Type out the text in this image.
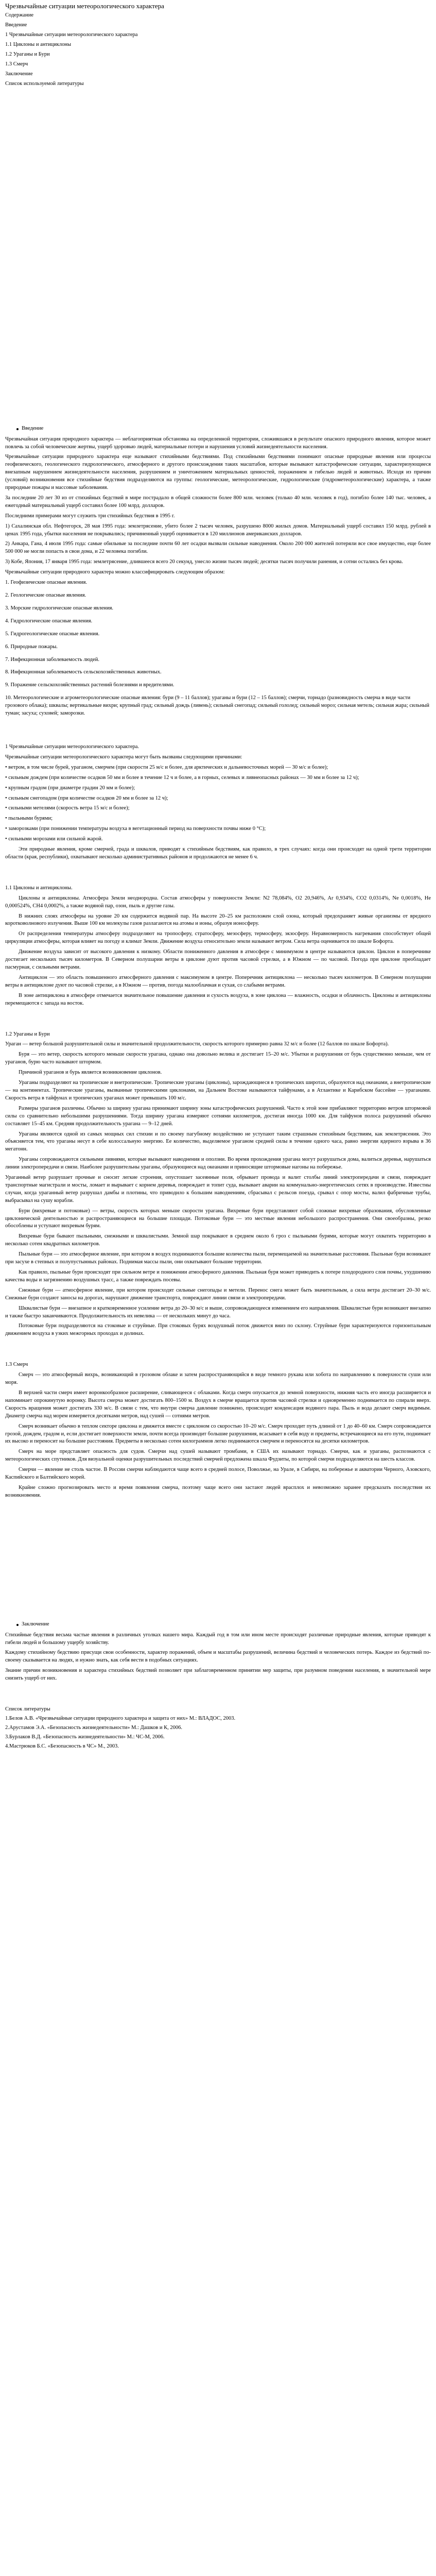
Чрезвычайные ситуации метеорологического характера
Содержание
Введение
1 Чрезвычайные ситуации метеорологического характера
1.1 Циклоны и антициклоны
1.2 Ураганы и Бури
1.3 Смерч
Заключение
Список используемой литературы
Введение

Чрезвычайная ситуация природного характера — неблагоприятная обстановка на определенной территории, сложившаяся в результате опасного природного явления, которое может повлечь за собой человеческие жертвы, ущерб здоровью людей, материальные потери и нарушения условий жизнедеятельности населения.

Чрезвычайные ситуации природного характера еще называют стихийными бедствиями. Под стихийными бедствиями понимают опасные природные явления или процессы геофизического, геологического гидрологического, атмосферного и другого происхождения таких масштабов, которые вызывают катастрофические ситуации, характеризующиеся внезапным нарушением жизнедеятельности населения, разрушением и уничтожением материальных ценностей, поражением и гибелью людей и животных. Исходя из причин (условий) возникновения все стихийные бедствия подразделяются на группы: геологические, метеорологические, гидрологические (гидрометеорологические) характера, а также природные пожары и массовые заболевания.

За последние 20 лет 30 из от стихийных бедствий в мире пострадало в общей сложности более 800 млн. человек (только 40 млн. человек в год), погибло более 140 тыс. человек, а ежегодный материальный ущерб составил более 100 млрд. долларов.

Последними примерами могут служить три стихийных бедствия в 1995 г.

1) Сахалинская обл. Нефтегорск, 28 мая 1995 года: землетрясение, убито более 2 тысяч человек, разрушено 8000 жилых домов. Материальный ущерб составил 150 млрд. рублей в ценах 1995 года, убытки населения не покрывались; причиненный ущерб оценивается в 120 миллионов американских долларов.

2) Анкара, Гана, 4 июля 1995 года: самые обильные за последние почти 60 лет осадки вызвали сильные наводнения. Около 200 000 жителей потеряли все свое имущество, еще более 500 000 не могли попасть в свои дома, и 22 человека погибли.

3) Кобе, Япония, 17 января 1995 года: землетрясение, длившееся всего 20 секунд, унесло жизни тысяч людей; десятки тысяч получили ранения, и сотни остались без крова.

Чрезвычайные ситуации природного характера можно классифицировать следующим образом:

1. Геофизические опасные явления.
2. Геологические опасные явления.
3. Морские гидрологические опасные явления.
4. Гидрологические опасные явления.
5. Гидрогеологические опасные явления.
6. Природные пожары.
7. Инфекционная заболеваемость людей.
8. Инфекционная заболеваемость сельскохозяйственных животных.
9. Поражение сельскохозяйственных растений болезнями и вредителями.
10. Метеорологические и агрометеорологические опасные явления: бури (9 – 11 баллов); ураганы и бури (12 – 15 баллов); смерчи, торнадо (разновидность смерча в виде части грозового облака); шквалы; вертикальные вихри; крупный град; сильный дождь (ливень); сильный снегопад; сильный гололед; сильный мороз; сильная метель; сильная жара; сильный туман; засуха; суховей; заморозки.
1 Чрезвычайные ситуации метеорологического характера.

Чрезвычайные ситуации метеорологического характера могут быть вызваны следующими причинами:

• ветром, в том числе бурей, ураганом, смерчем (при скорости 25 м/с и более, для арктических и дальневосточных морей — 30 м/с и более);

• сильным дождем (при количестве осадков 50 мм и более в течение 12 ч и более, а в горных, селевых и ливнеопасных районах — 30 мм и более за 12 ч);

• крупным градом (при диаметре градин 20 мм и более);

• сильным снегопадом (при количестве осадков 20 мм и более за 12 ч);

• сильными метелями (скорость ветра 15 м/с и более);

• пыльными бурями;

• заморозками (при понижении температуры воздуха в вегетационный период на поверхности почвы ниже 0 °С);

• сильными морозами или сильной жарой.

Эти природные явления, кроме смерчей, града и шквалов, приводят к стихийным бедствиям, как правило, в трех случаях: когда они происходят на одной трети территории области (края, республики), охватывают несколько административных районов и продолжаются не менее 6 ч.

1.1 Циклоны и антициклоны.

Циклоны и антициклоны. Атмосфера Земли неоднородна. Состав атмосферы у поверхности Земли: N2 78,084%, O2 20,946%, Ar 0,934%, CO2 0,0314%, Ne 0,0018%, He 0,000524%, CH4 0,0002%, а также водяной пар, озон, пыль и другие газы.

В нижних слоях атмосферы на уровне 20 км содержится водяной пар. На высоте 20–25 км расположен слой озона, который предохраняет живые организмы от вредного коротковолнового излучения. Выше 100 км молекулы газов разлагаются на атомы и ионы, образуя ионосферу.

От распределения температуры атмосферу подразделяют на тропосферу, стратосферу, мезосферу, термосферу, экзосферу. Неравномерность нагревания способствует общей циркуляции атмосферы, которая влияет на погоду и климат Земли. Движение воздуха относительно земли называют ветром. Сила ветра оценивается по шкале Бофорта.

Движение воздуха зависит от высокого давления к низкому. Области пониженного давления в атмосфере с минимумом в центре называются циклон. Циклон в поперечнике достигает нескольких тысяч километров. В Северном полушарии ветры в циклоне дуют против часовой стрелки, а в Южном — по часовой. Погода при циклоне преобладает пасмурная, с сильными ветрами.

Антициклон — это область повышенного атмосферного давления с максимумом в центре. Поперечник антициклона — несколько тысяч километров. В Северном полушарии ветры в антициклоне дуют по часовой стрелке, а в Южном — против, погода малооблачная и сухая, со слабыми ветрами.

В зоне антициклона в атмосфере отмечается значительное повышение давления и сухость воздуха, в зоне циклона — влажность, осадки и облачность. Циклоны и антициклоны перемещаются с запада на восток.

1.2 Ураганы и Бури

Ураган — ветер большой разрушительной силы и значительной продолжительности, скорость которого примерно равна 32 м/с и более (12 баллов по шкале Бофорта).

Буря — это ветер, скорость которого меньше скорости урагана, однако она довольно велика и достигает 15–20 м/с. Убытки и разрушения от бурь существенно меньше, чем от ураганов, бурю часто называют штормом.

Причиной ураганов и бурь является возникновение циклонов.

Ураганы подразделяют на тропические и внетропические. Тропические ураганы (циклоны), зарождающиеся в тропических широтах, образуются над океанами, а внетропические — на континентах. Тропические ураганы, вызванные тропическими циклонами, на Дальнем Востоке называются тайфунами, а в Атлантике и Карибском бассейне — ураганами. Скорость ветра в тайфунах и тропических ураганах может превышать 100 м/с.

Размеры ураганов различны. Обычно за ширину урагана принимают ширину зоны катастрофических разрушений. Часто к этой зоне прибавляют территорию ветров штормовой силы со сравнительно небольшими разрушениями. Тогда ширину урагана измеряют сотнями километров, достигая иногда 1000 км. Для тайфунов полоса разрушений обычно составляет 15–45 км. Средняя продолжительность урагана — 9–12 дней.

Ураганы являются одной из самых мощных сил стихии и по своему пагубному воздействию не уступают таким страшным стихийным бедствиям, как землетрясения. Это объясняется тем, что ураганы несут в себе колоссальную энергию. Ее количество, выделяемое ураганом средней силы в течение одного часа, равно энергии ядерного взрыва в 36 мегатонн.

Ураганы сопровождаются сильными ливнями, которые вызывают наводнения и оползни. Во время прохождения урагана могут разрушаться дома, валиться деревья, нарушаться линии электропередачи и связи. Наиболее разрушительны ураганы, образующиеся над океанами и приносящие штормовые нагоны на побережье.

Ураганный ветер разрушает прочные и сносит легкие строения, опустошает засеянные поля, обрывает провода и валит столбы линий электропередачи и связи, повреждает транспортные магистрали и мосты, ломает и вырывает с корнем деревья, повреждает и топит суда, вызывает аварии на коммунально-энергетических сетях в производстве. Известны случаи, когда ураганный ветер разрушал дамбы и плотины, что приводило к большим наводнениям, сбрасывал с рельсов поезда, срывал с опор мосты, валил фабричные трубы, выбрасывал на сушу корабли.

Бури (вихревые и потоковые) — ветры, скорость которых меньше скорости урагана. Вихревые бури представляют собой сложные вихревые образования, обусловленные циклонической деятельностью и распространяющиеся на большие площади. Потоковые бури — это местные явления небольшого распространения. Они своеобразны, резко обособлены и уступают вихревым бурям.

Вихревые бури бывают пыльными, снежными и шквалистыми. Земной шар покрывают в среднем около 6 гроз с пыльными бурями, которые могут охватить территорию в несколько сотен квадратных километров.

Пыльные бури — это атмосферное явление, при котором в воздух поднимаются большие количества пыли, перемещаемой на значительные расстояния. Пыльные бури возникают при засухе в степных и полупустынных районах. Поднимая массы пыли, они охватывают большие территории.

Как правило, пыльные бури происходят при сильном ветре и понижении атмосферного давления. Пыльная буря может приводить к потере плодородного слоя почвы, ухудшению качества воды и загрязнению воздушных трасс, а также повреждать посевы.

Снежные бури — атмосферное явление, при котором происходят сильные снегопады и метели. Перенос снега может быть значительным, а сила ветра достигает 20–30 м/с. Снежные бури создают заносы на дорогах, нарушают движение транспорта, повреждают линии связи и электропередачи.

Шквалистые бури — внезапное и кратковременное усиление ветра до 20–30 м/с и выше, сопровождающееся изменением его направления. Шквалистые бури возникают внезапно и также быстро заканчиваются. Продолжительность их невелика — от нескольких минут до часа.

Потоковые бури подразделяются на стоковые и струйные. При стоковых бурях воздушный поток движется вниз по склону. Струйные бури характеризуются горизонтальным движением воздуха в узких межгорных проходах и долинах.

1.3 Смерч

Смерч — это атмосферный вихрь, возникающий в грозовом облаке и затем распространяющийся в виде темного рукава или хобота по направлению к поверхности суши или моря.

В верхней части смерч имеет воронкообразное расширение, сливающееся с облаками. Когда смерч опускается до земной поверхности, нижняя часть его иногда расширяется и напоминает опрокинутую воронку. Высота смерча может достигать 800–1500 м. Воздух в смерче вращается против часовой стрелки и одновременно поднимается по спирали вверх. Скорость вращения может достигать 330 м/с. В связи с тем, что внутри смерча давление понижено, происходит конденсация водяного пара. Пыль и вода делают смерч видимым. Диаметр смерча над морем измеряется десятками метров, над сушей — сотнями метров.

Смерч возникает обычно в теплом секторе циклона и движется вместе с циклоном со скоростью 10–20 м/с. Смерч проходит путь длиной от 1 до 40–60 км. Смерч сопровождается грозой, дождем, градом и, если достигает поверхности земли, почти всегда производит большие разрушения, всасывает в себя воду и предметы, встречающиеся на его пути, поднимает их высоко и переносит на большие расстояния. Предметы в несколько сотен килограммов легко поднимаются смерчем и переносятся на десятки километров.

Смерч на море представляет опасность для судов. Смерчи над сушей называют тромбами, в США их называют торнадо. Смерчи, как и ураганы, распознаются с метеорологических спутников. Для визуальной оценки разрушительных последствий смерчей предложена шкала Фудзиты, по которой смерчи подразделяются на шесть классов.

Смерчи — явление не столь частое. В России смерчи наблюдаются чаще всего в средней полосе, Поволжье, на Урале, в Сибири, на побережье и акватории Черного, Азовского, Каспийского и Балтийского морей.

Крайне сложно прогнозировать место и время появления смерча, поэтому чаще всего они застают людей врасплох и невозможно заранее предсказать последствия их возникновения.

Заключение

Стихийные бедствия весьма частые явления в различных уголках нашего мира. Каждый год в том или ином месте происходят различные природные явления, которые приводят к гибели людей и большому ущербу хозяйству.

Каждому стихийному бедствию присущи свои особенности, характер поражений, объем и масштабы разрушений, величина бедствий и человеческих потерь. Каждое из бедствий по-своему сказывается на людях, и нужно знать, как себя вести в подобных ситуациях.

Знание причин возникновения и характера стихийных бедствий позволяет при заблаговременном принятии мер защиты, при разумном поведении населения, в значительной мере снизить ущерб от них.

Список литературы
1.Белов А.В. «Чрезвычайные ситуации природного характера и защита от них» М.: ВЛАДОС, 2003.
2.Арустамов Э.А. «Безопасность жизнедеятельности» М.: Дашков и К, 2006.
3.Бурлаков В.Д. «Безопасность жизнедеятельности» М.: ЧС-М, 2006.
4.Мастрюков Б.С. «Безопасность в ЧС» М., 2003.
